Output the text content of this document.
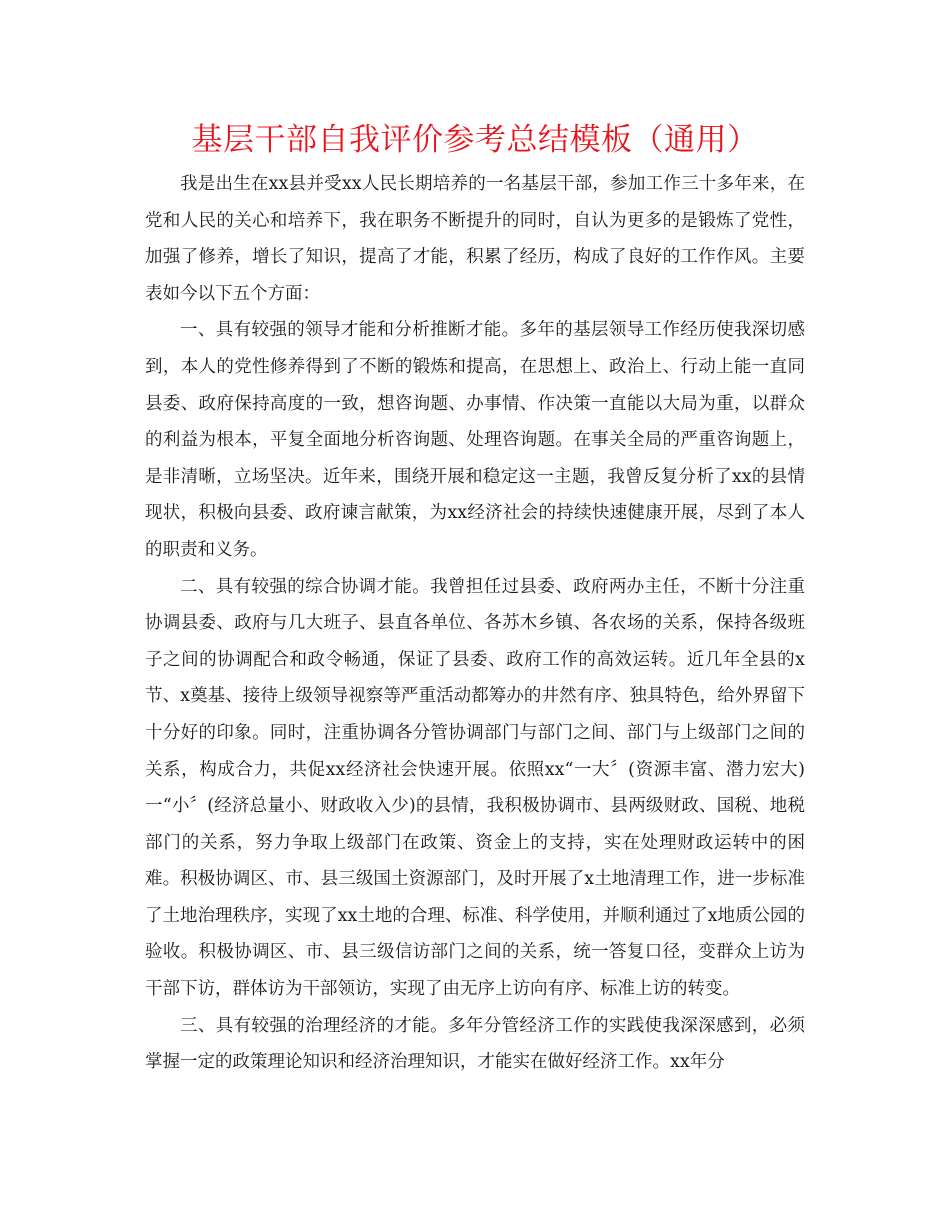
基层干部自我评价参考总结模板（通用）

我是出生在xx县并受xx人民长期培养的一名基层干部，参加工作三十多年来，在党和人民的关心和培养下，我在职务不断提升的同时，自认为更多的是锻炼了党性，加强了修养，增长了知识，提高了才能，积累了经历，构成了良好的工作作风。主要表如今以下五个方面：

一、具有较强的领导才能和分析推断才能。多年的基层领导工作经历使我深切感到，本人的党性修养得到了不断的锻炼和提高，在思想上、政治上、行动上能一直同县委、政府保持高度的一致，想咨询题、办事情、作决策一直能以大局为重，以群众的利益为根本，平复全面地分析咨询题、处理咨询题。在事关全局的严重咨询题上，是非清晰，立场坚决。近年来，围绕开展和稳定这一主题，我曾反复分析了xx的县情现状，积极向县委、政府谏言献策，为xx经济社会的持续快速健康开展，尽到了本人的职责和义务。

二、具有较强的综合协调才能。我曾担任过县委、政府两办主任，不断十分注重协调县委、政府与几大班子、县直各单位、各苏木乡镇、各农场的关系，保持各级班子之间的协调配合和政令畅通，保证了县委、政府工作的高效运转。近几年全县的x节、x奠基、接待上级领导视察等严重活动都筹办的井然有序、独具特色，给外界留下十分好的印象。同时，注重协调各分管协调部门与部门之间、部门与上级部门之间的关系，构成合力，共促xx经济社会快速开展。依照xx“一大〞(资源丰富、潜力宏大)一“小〞(经济总量小、财政收入少)的县情，我积极协调市、县两级财政、国税、地税部门的关系，努力争取上级部门在政策、资金上的支持，实在处理财政运转中的困难。积极协调区、市、县三级国土资源部门，及时开展了x土地清理工作，进一步标准了土地治理秩序，实现了xx土地的合理、标准、科学使用，并顺利通过了x地质公园的验收。积极协调区、市、县三级信访部门之间的关系，统一答复口径，变群众上访为干部下访，群体访为干部领访，实现了由无序上访向有序、标准上访的转变。

三、具有较强的治理经济的才能。多年分管经济工作的实践使我深深感到，必须掌握一定的政策理论知识和经济治理知识，才能实在做好经济工作。xx年分
